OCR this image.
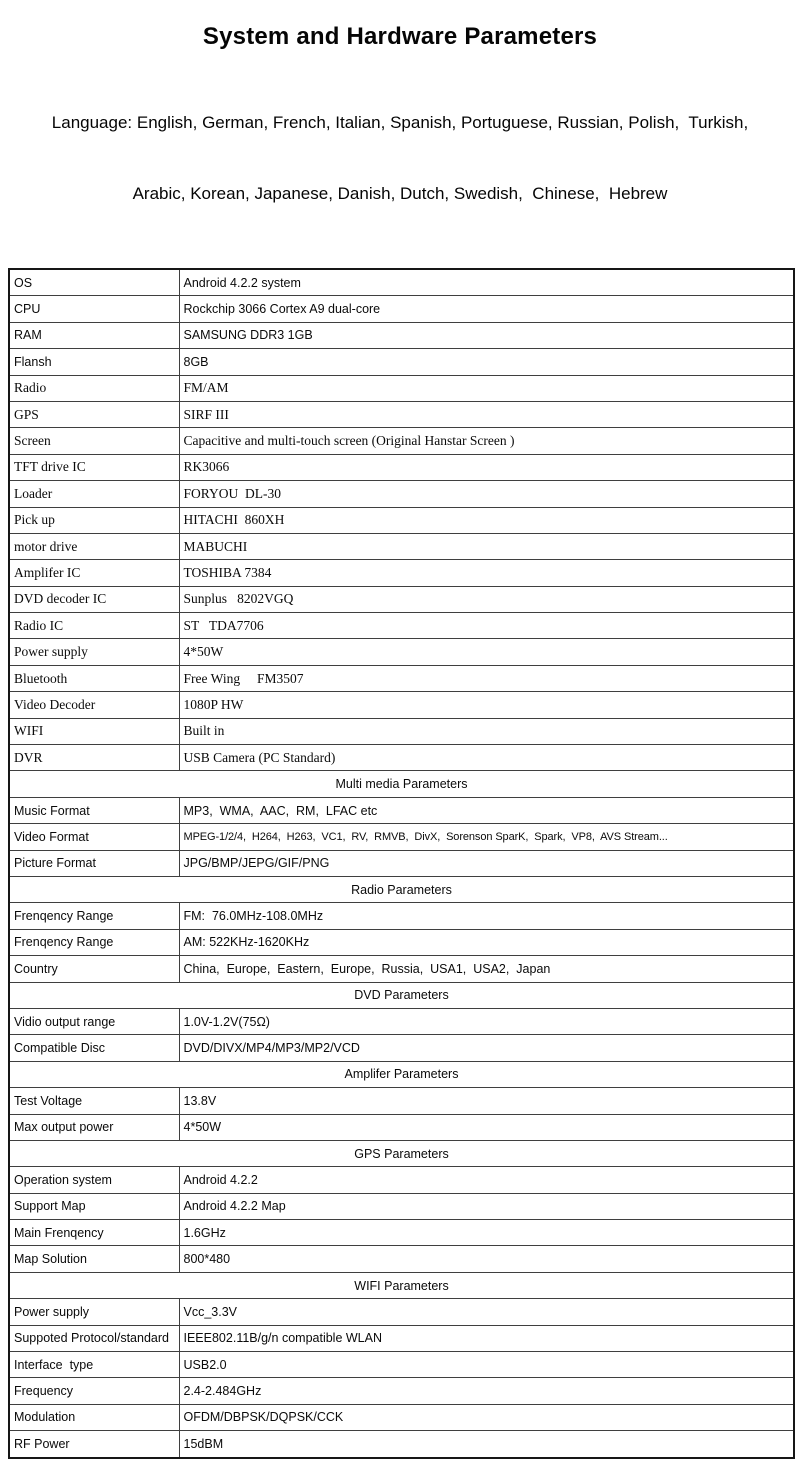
System and Hardware Parameters

Language: English, German, French, Italian, Spanish, Portuguese, Russian, Polish,  Turkish,

Arabic, Korean, Japanese, Danish, Dutch, Swedish,  Chinese,  Hebrew

OS	Android 4.2.2 system
CPU	Rockchip 3066 Cortex A9 dual-core
RAM	SAMSUNG DDR3 1GB
Flansh	8GB
Radio	FM/AM
GPS	SIRF III
Screen	Capacitive and multi-touch screen (Original Hanstar Screen )
TFT drive IC	RK3066
Loader	FORYOU  DL-30
Pick up	HITACHI  860XH
motor drive	MABUCHI
Amplifer IC	TOSHIBA 7384
DVD decoder IC	Sunplus   8202VGQ
Radio IC	ST   TDA7706
Power supply	4*50W
Bluetooth	Free Wing     FM3507
Video Decoder	1080P HW
WIFI	Built in
DVR	USB Camera (PC Standard)
Multi media Parameters	
Music Format	MP3,  WMA,  AAC,  RM,  LFAC etc
Video Format	MPEG-1/2/4,  H264,  H263,  VC1,  RV,  RMVB,  DivX,  Sorenson SparK,  Spark,  VP8,  AVS Stream...
Picture Format	JPG/BMP/JEPG/GIF/PNG
Radio Parameters	
Frenqency Range	FM:  76.0MHz-108.0MHz
Frenqency Range	AM: 522KHz-1620KHz
Country	China,  Europe,  Eastern,  Europe,  Russia,  USA1,  USA2,  Japan
DVD Parameters	
Vidio output range	1.0V-1.2V(75Ω)
Compatible Disc	DVD/DIVX/MP4/MP3/MP2/VCD
Amplifer Parameters	
Test Voltage	13.8V
Max output power	4*50W
GPS Parameters	
Operation system	Android 4.2.2
Support Map	Android 4.2.2 Map
Main Frenqency	1.6GHz
Map Solution	800*480
WIFI Parameters	
Power supply	Vcc_3.3V
Suppoted Protocol/standard	IEEE802.11B/g/n compatible WLAN
Interface  type	USB2.0
Frequency	2.4-2.484GHz
Modulation	OFDM/DBPSK/DQPSK/CCK
RF Power	15dBM
